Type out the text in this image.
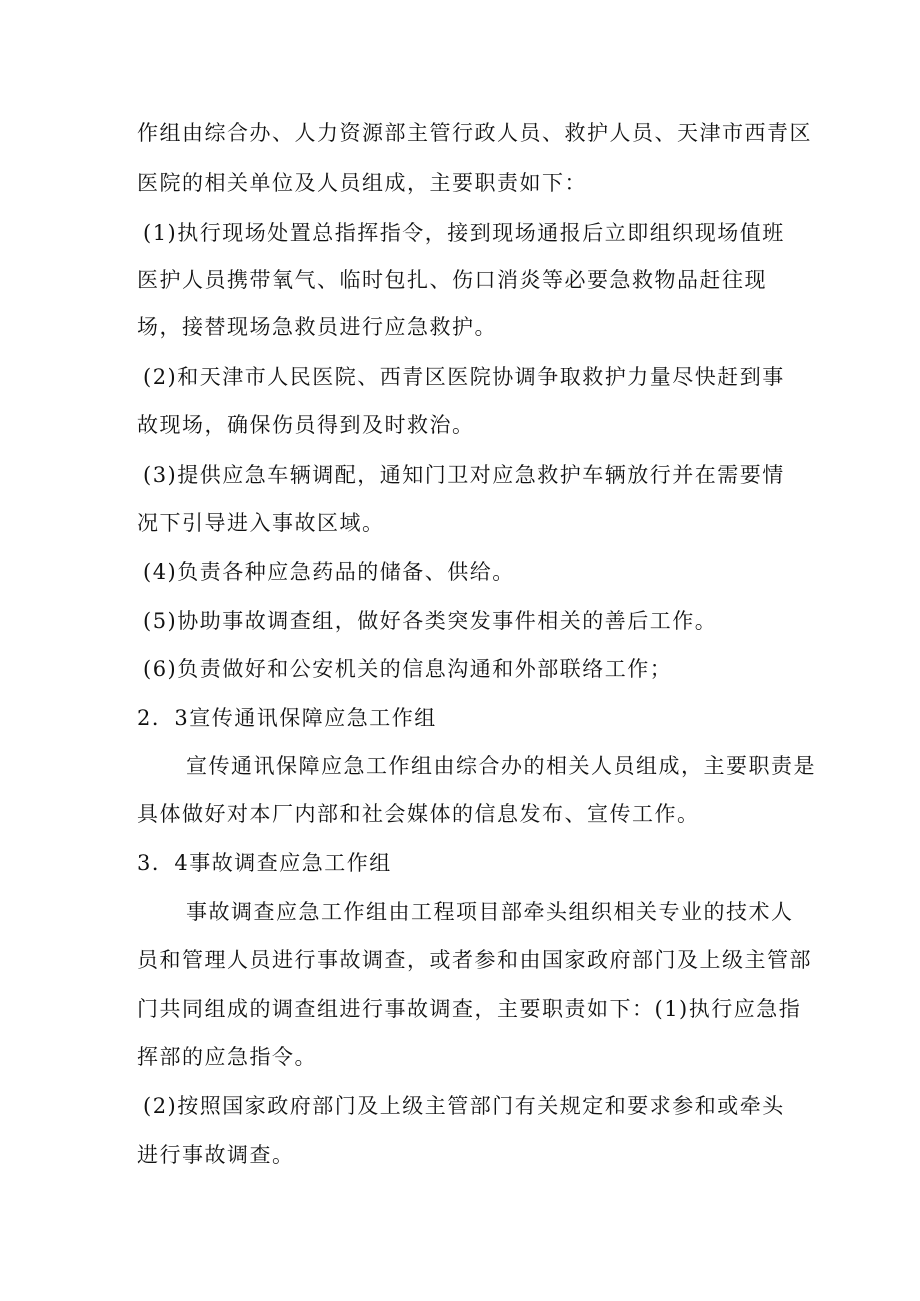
作组由综合办、人力资源部主管行政人员、救护人员、天津市西青区
医院的相关单位及人员组成，主要职责如下：
(1)执行现场处置总指挥指令，接到现场通报后立即组织现场值班
医护人员携带氧气、临时包扎、伤口消炎等必要急救物品赶往现
场，接替现场急救员进行应急救护。
(2)和天津市人民医院、西青区医院协调争取救护力量尽快赶到事
故现场，确保伤员得到及时救治。
(3)提供应急车辆调配，通知门卫对应急救护车辆放行并在需要情
况下引导进入事故区域。
(4)负责各种应急药品的储备、供给。
(5)协助事故调查组，做好各类突发事件相关的善后工作。
(6)负责做好和公安机关的信息沟通和外部联络工作；
2．3宣传通讯保障应急工作组
宣传通讯保障应急工作组由综合办的相关人员组成，主要职责是
具体做好对本厂内部和社会媒体的信息发布、宣传工作。
3．4事故调查应急工作组
事故调查应急工作组由工程项目部牵头组织相关专业的技术人
员和管理人员进行事故调查，或者参和由国家政府部门及上级主管部
门共同组成的调查组进行事故调查，主要职责如下：(1)执行应急指
挥部的应急指令。
(2)按照国家政府部门及上级主管部门有关规定和要求参和或牵头
进行事故调查。
